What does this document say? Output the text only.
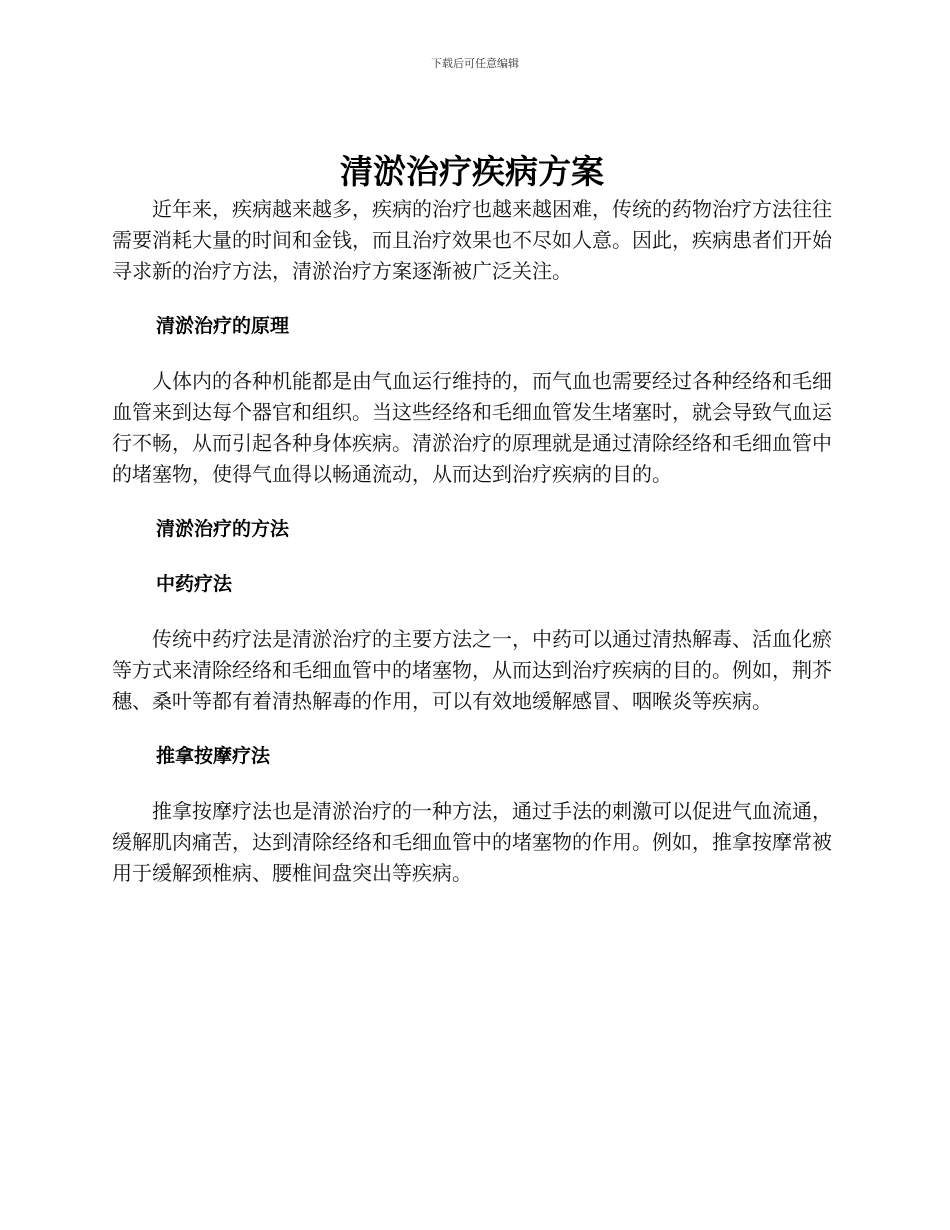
下载后可任意编辑
清淤治疗疾病方案

近年来，疾病越来越多，疾病的治疗也越来越困难，传统的药物治疗方法往往需要消耗大量的时间和金钱，而且治疗效果也不尽如人意。因此，疾病患者们开始寻求新的治疗方法，清淤治疗方案逐渐被广泛关注。

清淤治疗的原理

人体内的各种机能都是由气血运行维持的，而气血也需要经过各种经络和毛细血管来到达每个器官和组织。当这些经络和毛细血管发生堵塞时，就会导致气血运行不畅，从而引起各种身体疾病。清淤治疗的原理就是通过清除经络和毛细血管中的堵塞物，使得气血得以畅通流动，从而达到治疗疾病的目的。

清淤治疗的方法
中药疗法

传统中药疗法是清淤治疗的主要方法之一，中药可以通过清热解毒、活血化瘀等方式来清除经络和毛细血管中的堵塞物，从而达到治疗疾病的目的。例如，荆芥穗、桑叶等都有着清热解毒的作用，可以有效地缓解感冒、咽喉炎等疾病。

推拿按摩疗法

推拿按摩疗法也是清淤治疗的一种方法，通过手法的刺激可以促进气血流通，缓解肌肉痛苦，达到清除经络和毛细血管中的堵塞物的作用。例如，推拿按摩常被用于缓解颈椎病、腰椎间盘突出等疾病。
